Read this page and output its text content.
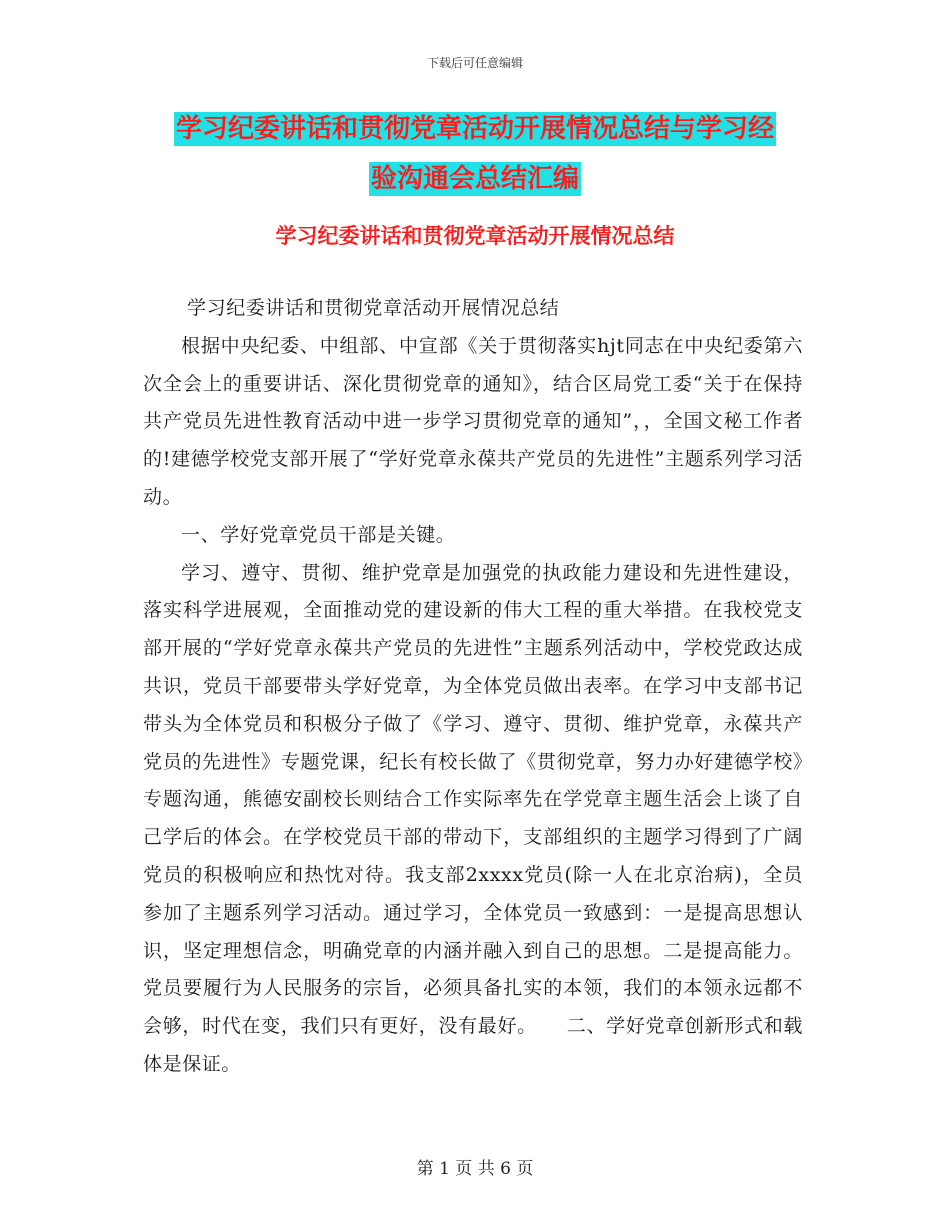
下载后可任意编辑
学习纪委讲话和贯彻党章活动开展情况总结与学习经
验沟通会总结汇编
学习纪委讲话和贯彻党章活动开展情况总结

学习纪委讲话和贯彻党章活动开展情况总结

根据中央纪委、中组部、中宣部《关于贯彻落实hjt同志在中央纪委第六次全会上的重要讲话、深化贯彻党章的通知》，结合区局党工委“关于在保持共产党员先进性教育活动中进一步学习贯彻党章的通知”，，全国文秘工作者的!建德学校党支部开展了“学好党章永葆共产党员的先进性”主题系列学习活动。

一、学好党章党员干部是关键。

学习、遵守、贯彻、维护党章是加强党的执政能力建设和先进性建设，落实科学进展观，全面推动党的建设新的伟大工程的重大举措。在我校党支部开展的“学好党章永葆共产党员的先进性”主题系列活动中，学校党政达成共识，党员干部要带头学好党章，为全体党员做出表率。在学习中支部书记带头为全体党员和积极分子做了《学习、遵守、贯彻、维护党章，永葆共产党员的先进性》专题党课，纪长有校长做了《贯彻党章，努力办好建德学校》专题沟通，熊德安副校长则结合工作实际率先在学党章主题生活会上谈了自己学后的体会。在学校党员干部的带动下，支部组织的主题学习得到了广阔党员的积极响应和热忱对待。我支部2xxxx党员(除一人在北京治病)，全员参加了主题系列学习活动。通过学习，全体党员一致感到：一是提高思想认识，坚定理想信念，明确党章的内涵并融入到自己的思想。二是提高能力。党员要履行为人民服务的宗旨，必须具备扎实的本领，我们的本领永远都不会够，时代在变，我们只有更好，没有最好。　　二、学好党章创新形式和载体是保证。

第 1 页 共 6 页
